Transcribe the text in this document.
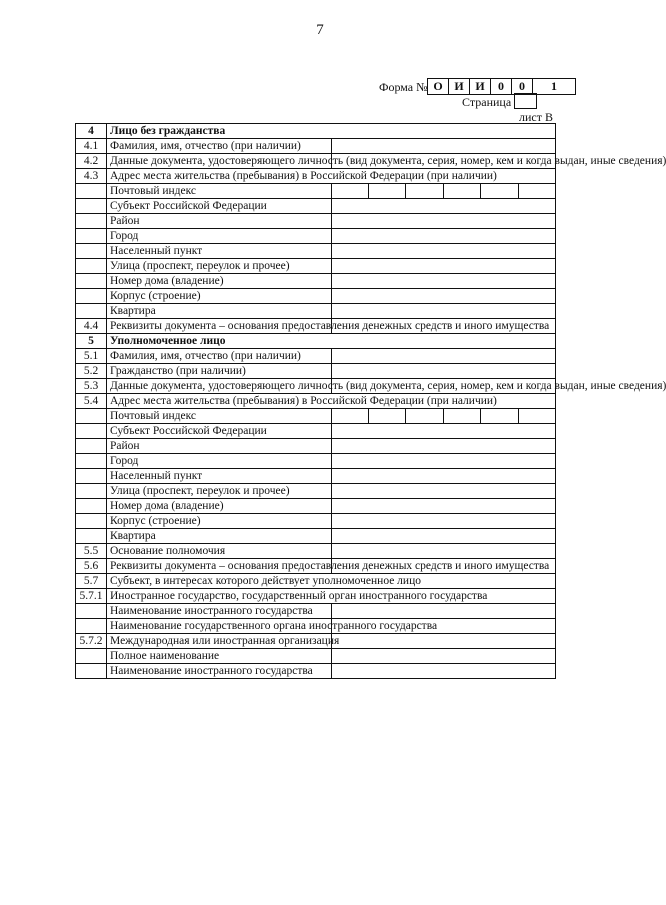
7
Форма № О И И	0	0	1
Страница
лист В
4	Лицо без гражданства	
4.1	Фамилия, имя, отчество (при наличии)	
4.2	Данные документа, удостоверяющего личность (вид документа, серия, номер, кем и когда выдан, иные сведения)	
4.3	Адрес места жительства (пребывания) в Российской Федерации (при наличии)	
	Почтовый индекс	

	Субъект Российской Федерации	
	Район	
	Город	
	Населенный пункт	
	Улица (проспект, переулок и прочее)	
	Номер дома (владение)	
	Корпус (строение)	
	Квартира	
4.4	Реквизиты документа – основания предоставления денежных средств и иного имущества	
5	Уполномоченное лицо	
5.1	Фамилия, имя, отчество (при наличии)	
5.2	Гражданство (при наличии)	
5.3	Данные документа, удостоверяющего личность (вид документа, серия, номер, кем и когда выдан, иные сведения)	
5.4	Адрес места жительства (пребывания) в Российской Федерации (при наличии)	
	Почтовый индекс	

	Субъект Российской Федерации	
	Район	
	Город	
	Населенный пункт	
	Улица (проспект, переулок и прочее)	
	Номер дома (владение)	
	Корпус (строение)	
	Квартира	
5.5	Основание полномочия	
5.6	Реквизиты документа – основания предоставления денежных средств и иного имущества	
5.7	Субъект, в интересах которого действует уполномоченное лицо	
5.7.1	Иностранное государство, государственный орган иностранного государства	
	Наименование иностранного государства	
	Наименование государственного органа иностранного государства	
5.7.2	Международная или иностранная организация	
	Полное наименование	
	Наименование иностранного государства	
